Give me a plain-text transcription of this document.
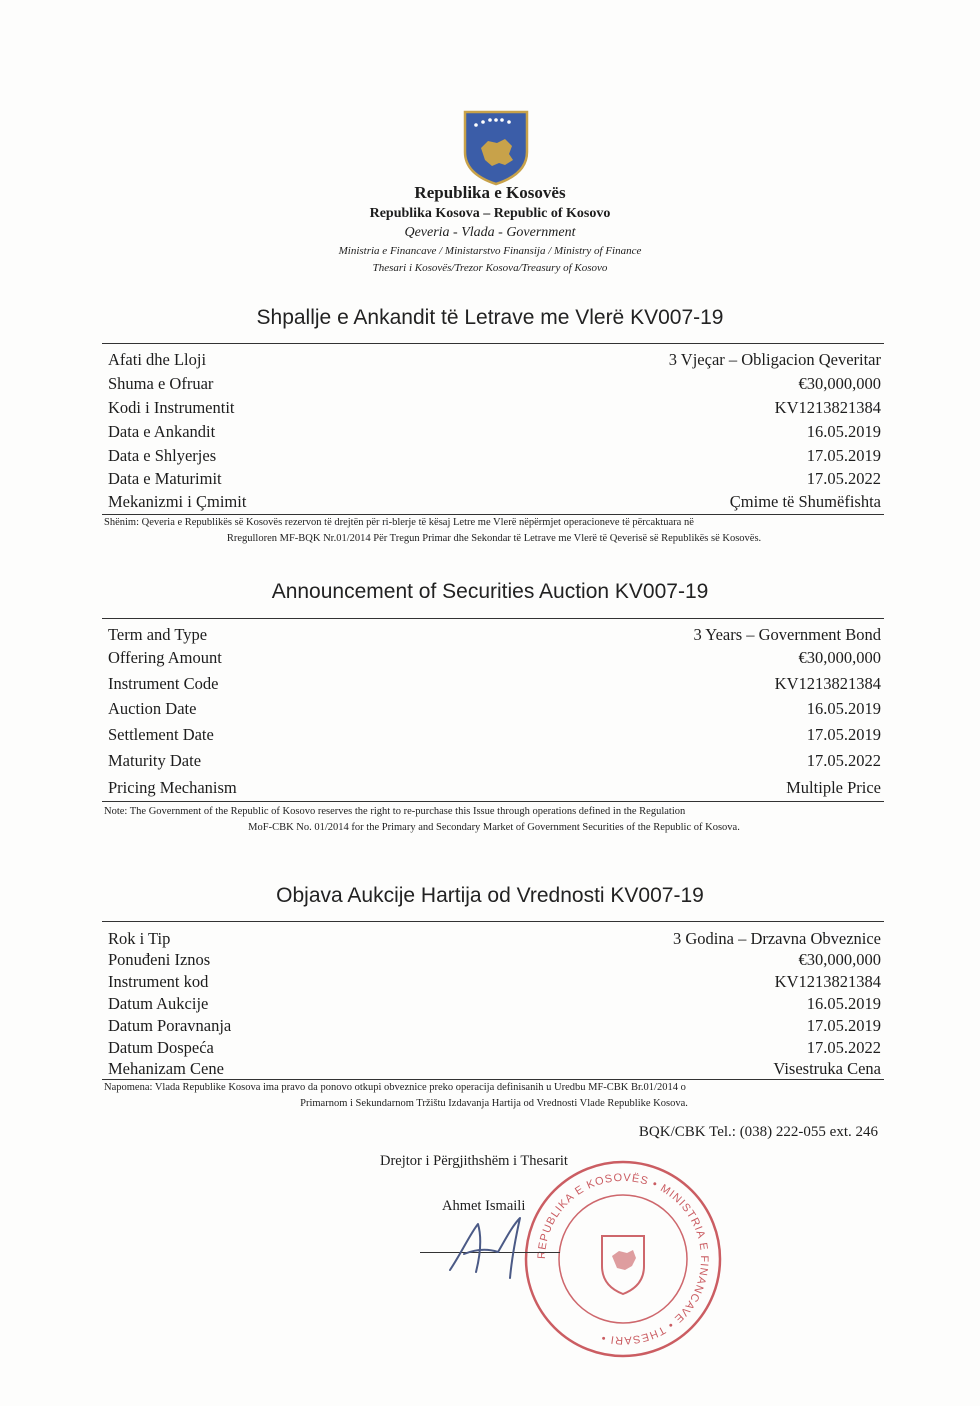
Republika e Kosovës
Republika Kosova – Republic of Kosovo
Qeveria - Vlada - Government
Ministria e Financave / Ministarstvo Finansija / Ministry of Finance
Thesari i Kosovës/Trezor Kosova/Treasury of Kosovo
Shpallje e Ankandit të Letrave me Vlerë KV007-19
Afati dhe Lloji	3 Vjeçar – Obligacion Qeveritar
Shuma e Ofruar	€30,000,000
Kodi i Instrumentit	KV1213821384
Data e Ankandit	16.05.2019
Data e Shlyerjes	17.05.2019
Data e Maturimit	17.05.2022
Mekanizmi i Çmimit	Çmime të Shumëfishta
Shënim: Qeveria e Republikës së Kosovës rezervon të drejtën për ri-blerje të kësaj Letre me Vlerë nëpërmjet operacioneve të përcaktuara në
Rregulloren MF-BQK Nr.01/2014 Për Tregun Primar dhe Sekondar të Letrave me Vlerë të Qeverisë së Republikës së Kosovës.
Announcement of Securities Auction KV007-19
Term and Type	3 Years – Government Bond
Offering Amount	€30,000,000
Instrument Code	KV1213821384
Auction Date	16.05.2019
Settlement Date	17.05.2019
Maturity Date	17.05.2022
Pricing Mechanism	Multiple Price
Note: The Government of the Republic of Kosovo reserves the right to re-purchase this Issue through operations defined in the Regulation
MoF-CBK No. 01/2014 for the Primary and Secondary Market of Government Securities of the Republic of Kosova.
Objava Aukcije Hartija od Vrednosti KV007-19
Rok i Tip	3 Godina – Drzavna Obveznice
Ponuđeni Iznos	€30,000,000
Instrument kod	KV1213821384
Datum Aukcije	16.05.2019
Datum Poravnanja	17.05.2019
Datum Dospeća	17.05.2022
Mehanizam Cene	Visestruka Cena
Napomena: Vlada Republike Kosova ima pravo da ponovo otkupi obveznice preko operacija definisanih u Uredbu MF-CBK Br.01/2014 o
Primarnom i Sekundarnom Tržištu Izdavanja Hartija od Vrednosti Vlade Republike Kosova.
BQK/CBK Tel.: (038) 222-055 ext. 246
REPUBLIKA E KOSOVËS • MINISTRIA E FINANCAVE • THESARI •
Drejtor i Përgjithshëm i Thesarit
Ahmet Ismaili
